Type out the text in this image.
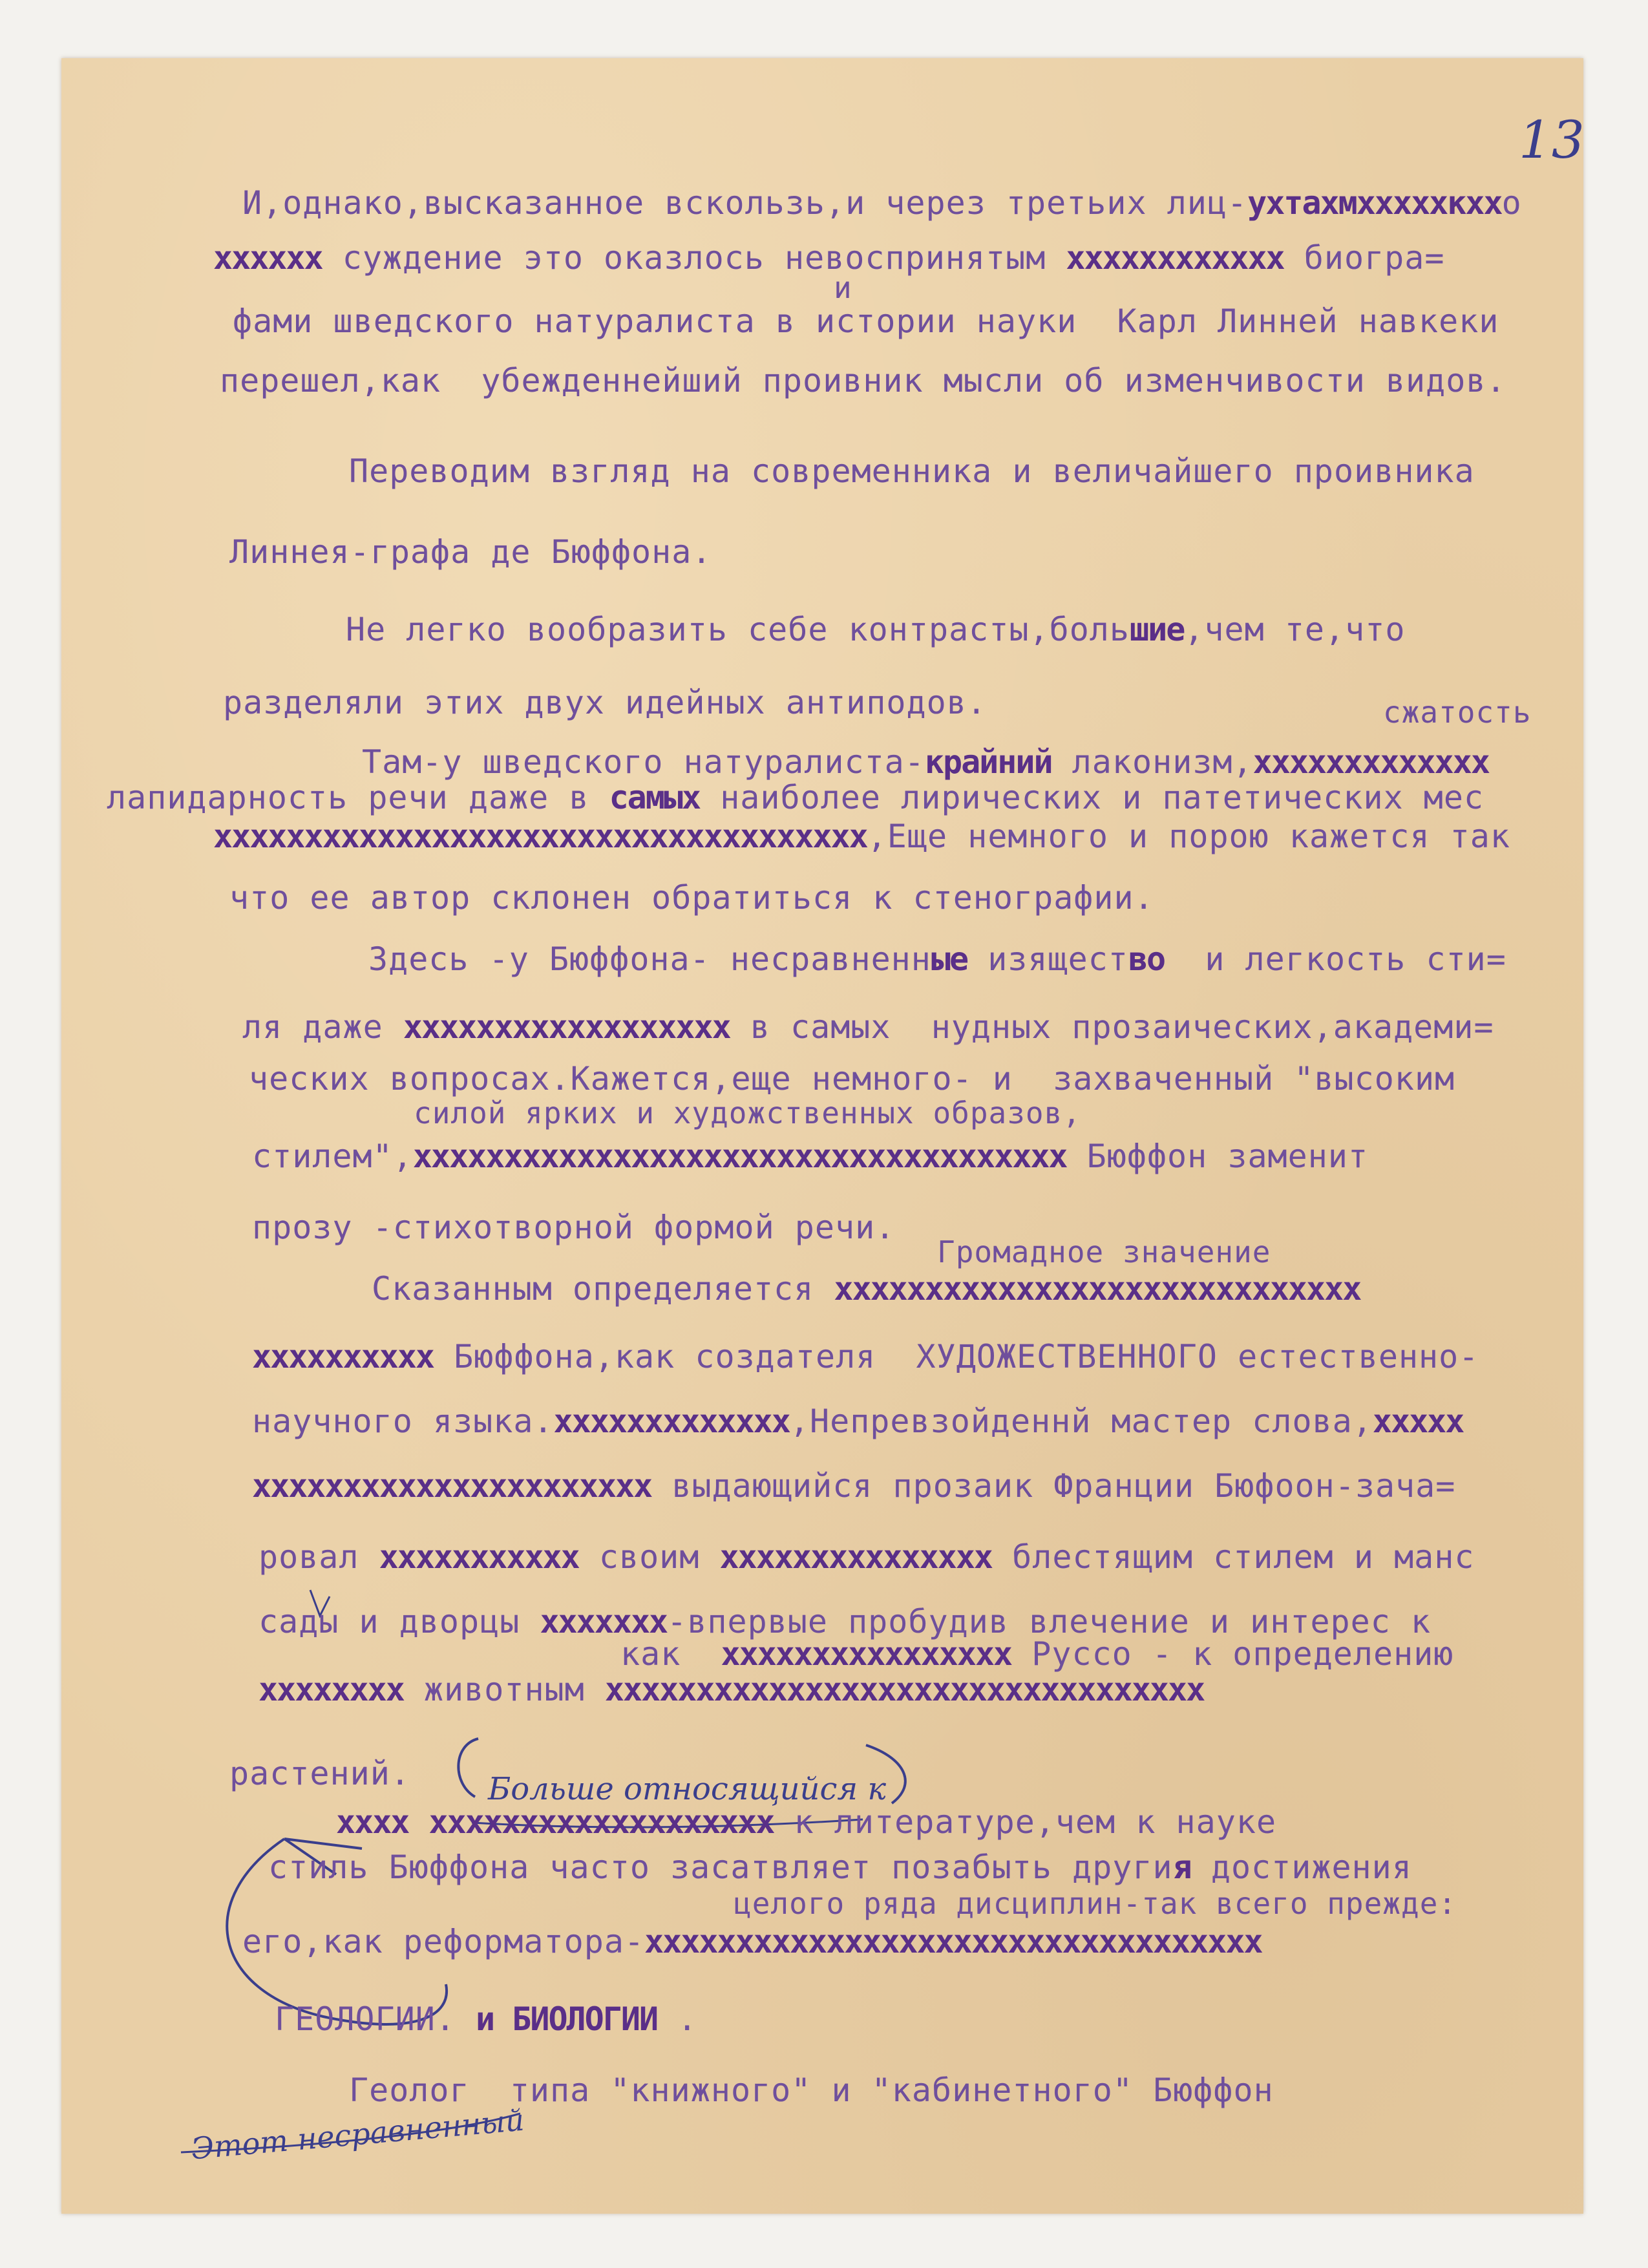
13
И,однако,высказанное вскользь,и через третьих лиц-ухтахмхххххкххо
хххххх суждение это оказлось невоспринятым хххххххххххх биогра=
и
фами шведского натуралиста в истории науки  Карл Линней навкеки
перешел,как  убежденнейший проивник мысли об изменчивости видов.
Переводим взгляд на современника и величайшего проивника
Линнея-графа де Бюффона.
Не легко вообразить себе контрасты,большие,чем те,что
разделяли этих двух идейных антиподов.	сжатость
Там-у шведского натуралиста-крайний лаконизм,ххххххххххххх
лапидарность речи даже в самых наиболее лирических и патетических мес
хххххххххххххххххххххххххххххххххххх,Еще немного и порою кажется так
что ее автор склонен обратиться к стенографии.
Здесь -у Бюффона- несравненные изящество  и легкость сти=
ля даже хххххххххххххххххх в самых  нудных прозаических,академи=
ческих вопросах.Кажется,еще немного- и  захваченный "высоким
силой ярких и художственных образов,
стилем",хххххххххххххххххххххххххххххххххххх Бюффон заменит
прозу -стихотворной формой речи.
Громадное значение
Сказанным определяется ххххххххххххххххххххххххххххх
хххххххххх Бюффона,как создателя  ХУДОЖЕСТВЕННОГО естественно-
научного языка.ххххххххххххх,Непревзойденнй мастер слова,ххххх
хххххххххххххххххххххх выдающийся прозаик Франции Бюфоон-зача=
ровал ххххххххххх своим ххххххххххххххх блестящим стилем и манс
сады и дворцы ххххххх-впервые пробудив влечение и интерес к
как  хххххххххххххххх Руссо - к определению
хххххххх животным ххххххххххххххххххххххххххххххххх
растений.	Больше относящийся к
хххх ххххххххххххххххххх к литературе,чем к науке
стиль Бюффона часто засатвляет позабыть другия достижения
целого ряда дисциплин-так всего прежде:
его,как реформатора-хххххххххххххххххххххххххххххххххх
ГЕОЛОГИИ. и БИОЛОГИИ .
Геолог  типа "книжного" и "кабинетного" Бюффон
Этот несравненный
